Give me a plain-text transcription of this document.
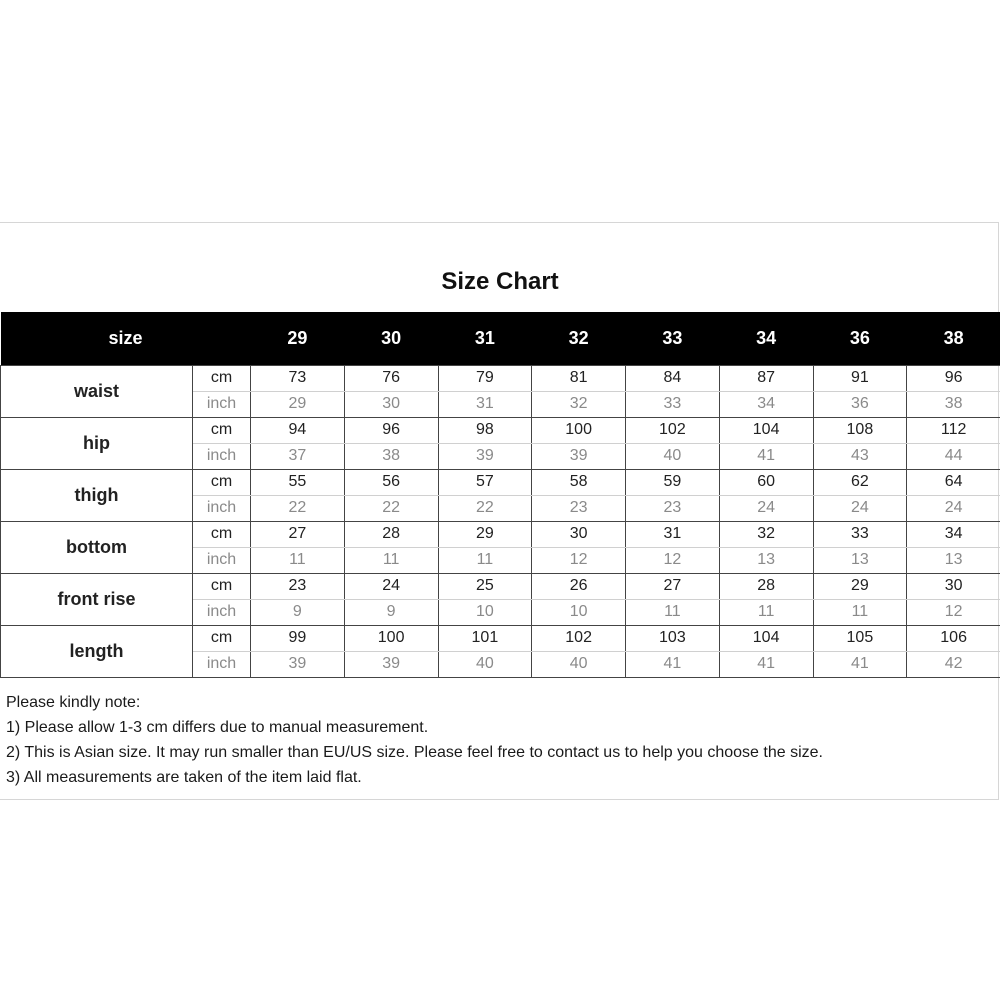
Size Chart
size		29	30	31	32	33	34	36	38
waist	cm	73	76	79	81	84	87	91	96
	inch	29	30	31	32	33	34	36	38
hip	cm	94	96	98	100	102	104	108	112
	inch	37	38	39	39	40	41	43	44
thigh	cm	55	56	57	58	59	60	62	64
	inch	22	22	22	23	23	24	24	24
bottom	cm	27	28	29	30	31	32	33	34
	inch	11	11	11	12	12	13	13	13
front rise	cm	23	24	25	26	27	28	29	30
	inch	9	9	10	10	11	11	11	12
length	cm	99	100	101	102	103	104	105	106
	inch	39	39	40	40	41	41	41	42
Please kindly note:
1) Please allow 1-3 cm differs due to manual measurement.
2) This is Asian size. It may run smaller than EU/US size. Please feel free to contact us to help you choose the size.
3) All measurements are taken of the item laid flat.
